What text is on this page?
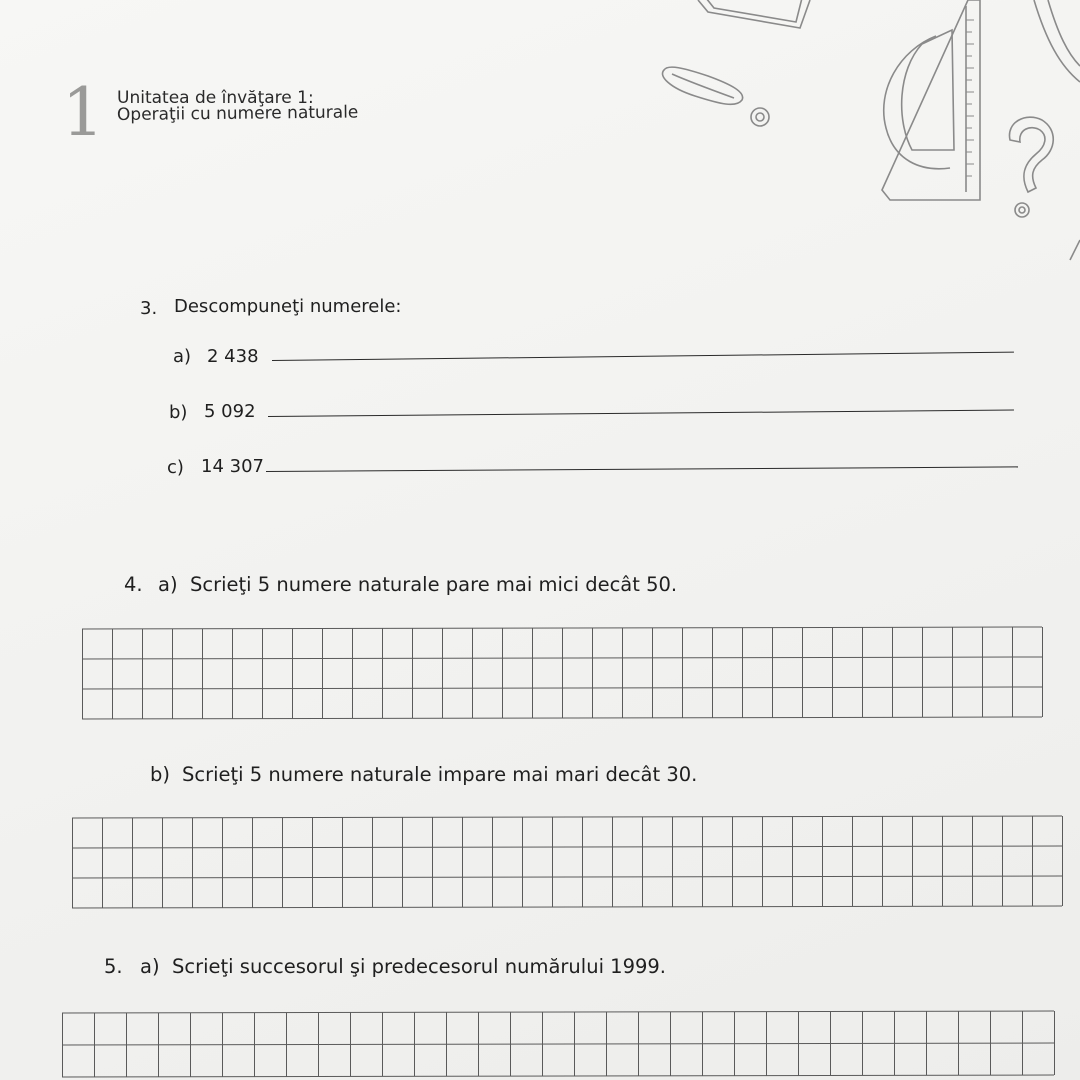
1 Unitatea de învăţare 1:
Operaţii cu numere naturale
3. Descompuneţi numerele:
a) 2 438
b) 5 092
c) 14 307
4. a) Scrieţi 5 numere naturale pare mai mici decât 50.
b) Scrieţi 5 numere naturale impare mai mari decât 30.
5. a) Scrieţi succesorul şi predecesorul numărului 1999.
